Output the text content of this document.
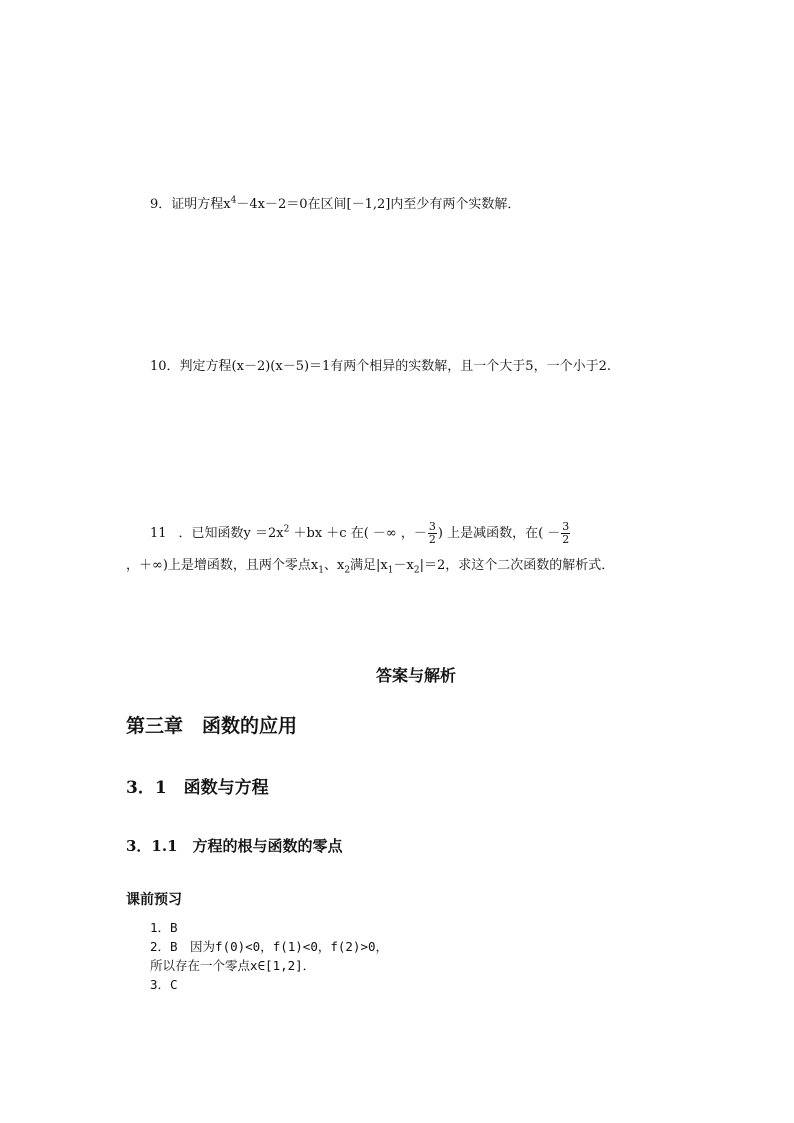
9．证明方程$x^4-4x-2=0$在区间[－1,2]内至少有两个实数解．
10．判定方程(x－2)(x－5)＝1有两个相异的实数解，且一个大于5，一个小于2.
11 ．已知函数$y =2x^2 +bx +c$ 在( －∞ ，－ $\frac{3}{2}$ ) 上是减函数，在( － $\frac{3}{2}$
，＋∞)上是增函数，且两个零点$x_1$、$x_2$满足$|x_1-x_2|=2$，求这个二次函数的解析式．
答案与解析
第三章　函数的应用
3．1　函数与方程
3．1.1　方程的根与函数的零点
课前预习
1．B
2．B　因为f(0)<0，f(1)<0，f(2)>0，
所以存在一个零点x∈[1,2]．
3．C
